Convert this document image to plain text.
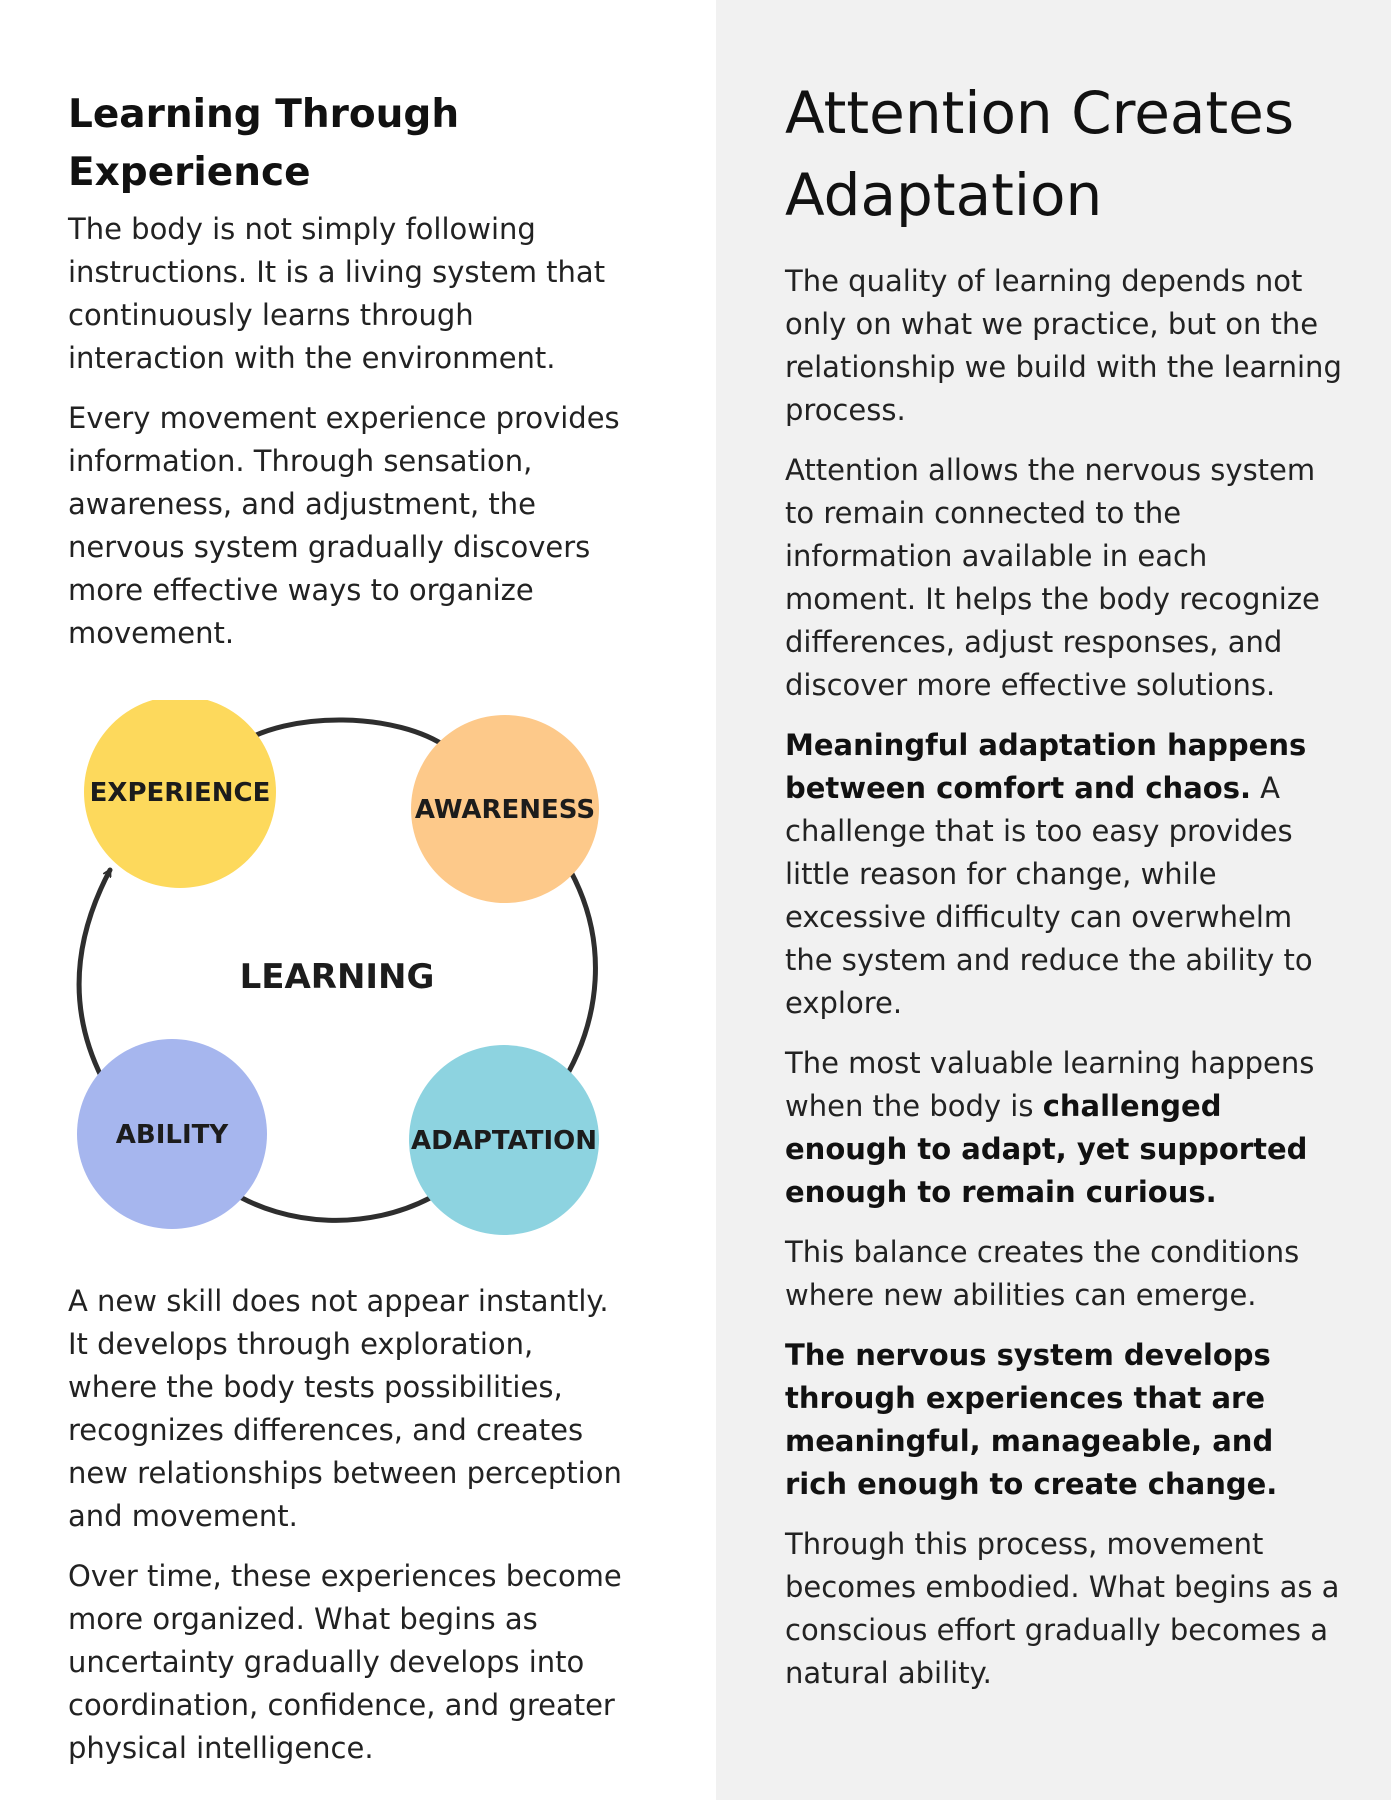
Learning Through Experience

The body is not simply following instructions. It is a living system that continuously learns through interaction with the environment.

Every movement experience provides information. Through sensation, awareness, and adjustment, the nervous system gradually discovers more effective ways to organize movement.

EXPERIENCE
AWARENESS
ADAPTATION
ABILITY
LEARNING

A new skill does not appear instantly. It develops through exploration, where the body tests possibilities, recognizes differences, and creates new relationships between perception and movement.

Over time, these experiences become more organized. What begins as uncertainty gradually develops into coordination, confidence, and greater physical intelligence.

Attention Creates Adaptation

The quality of learning depends not only on what we practice, but on the relationship we build with the learning process.

Attention allows the nervous system to remain connected to the information available in each moment. It helps the body recognize differences, adjust responses, and discover more effective solutions.

Meaningful adaptation happens between comfort and chaos. A challenge that is too easy provides little reason for change, while excessive difficulty can overwhelm the system and reduce the ability to explore.

The most valuable learning happens when the body is challenged enough to adapt, yet supported enough to remain curious.

This balance creates the conditions where new abilities can emerge.

The nervous system develops through experiences that are meaningful, manageable, and rich enough to create change.

Through this process, movement becomes embodied. What begins as a conscious effort gradually becomes a natural ability.
